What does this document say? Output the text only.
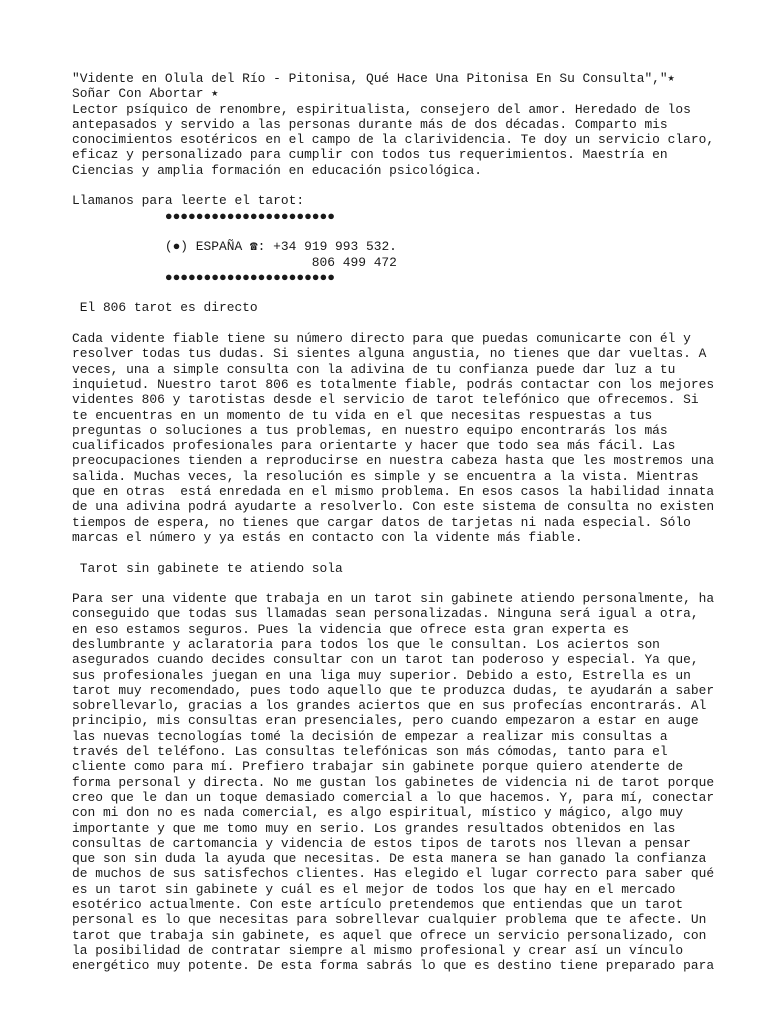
"Vidente en Olula del Río - Pitonisa, Qué Hace Una Pitonisa En Su Consulta","⭑
Soñar Con Abortar ⭑
Lector psíquico de renombre, espiritualista, consejero del amor. Heredado de los
antepasados y servido a las personas durante más de dos décadas. Comparto mis
conocimientos esotéricos en el campo de la clarividencia. Te doy un servicio claro,
eficaz y personalizado para cumplir con todos tus requerimientos. Maestría en
Ciencias y amplia formación en educación psicológica.
Llamanos para leerte el tarot:
●●●●●●●●●●●●●●●●●●●●●●
(●) ESPAÑA ☎: +34 919 993 532.
806 499 472
●●●●●●●●●●●●●●●●●●●●●●
El 806 tarot es directo
Cada vidente fiable tiene su número directo para que puedas comunicarte con él y
resolver todas tus dudas. Si sientes alguna angustia, no tienes que dar vueltas. A
veces, una a simple consulta con la adivina de tu confianza puede dar luz a tu
inquietud. Nuestro tarot 806 es totalmente fiable, podrás contactar con los mejores
videntes 806 y tarotistas desde el servicio de tarot telefónico que ofrecemos. Si
te encuentras en un momento de tu vida en el que necesitas respuestas a tus
preguntas o soluciones a tus problemas, en nuestro equipo encontrarás los más
cualificados profesionales para orientarte y hacer que todo sea más fácil. Las
preocupaciones tienden a reproducirse en nuestra cabeza hasta que les mostremos una
salida. Muchas veces, la resolución es simple y se encuentra a la vista. Mientras
que en otras  está enredada en el mismo problema. En esos casos la habilidad innata
de una adivina podrá ayudarte a resolverlo. Con este sistema de consulta no existen
tiempos de espera, no tienes que cargar datos de tarjetas ni nada especial. Sólo
marcas el número y ya estás en contacto con la vidente más fiable.
Tarot sin gabinete te atiendo sola
Para ser una vidente que trabaja en un tarot sin gabinete atiendo personalmente, ha
conseguido que todas sus llamadas sean personalizadas. Ninguna será igual a otra,
en eso estamos seguros. Pues la videncia que ofrece esta gran experta es
deslumbrante y aclaratoria para todos los que le consultan. Los aciertos son
asegurados cuando decides consultar con un tarot tan poderoso y especial. Ya que,
sus profesionales juegan en una liga muy superior. Debido a esto, Estrella es un
tarot muy recomendado, pues todo aquello que te produzca dudas, te ayudarán a saber
sobrellevarlo, gracias a los grandes aciertos que en sus profecías encontrarás. Al
principio, mis consultas eran presenciales, pero cuando empezaron a estar en auge
las nuevas tecnologías tomé la decisión de empezar a realizar mis consultas a
través del teléfono. Las consultas telefónicas son más cómodas, tanto para el
cliente como para mí. Prefiero trabajar sin gabinete porque quiero atenderte de
forma personal y directa. No me gustan los gabinetes de videncia ni de tarot porque
creo que le dan un toque demasiado comercial a lo que hacemos. Y, para mí, conectar
con mi don no es nada comercial, es algo espiritual, místico y mágico, algo muy
importante y que me tomo muy en serio. Los grandes resultados obtenidos en las
consultas de cartomancia y videncia de estos tipos de tarots nos llevan a pensar
que son sin duda la ayuda que necesitas. De esta manera se han ganado la confianza
de muchos de sus satisfechos clientes. Has elegido el lugar correcto para saber qué
es un tarot sin gabinete y cuál es el mejor de todos los que hay en el mercado
esotérico actualmente. Con este artículo pretendemos que entiendas que un tarot
personal es lo que necesitas para sobrellevar cualquier problema que te afecte. Un
tarot que trabaja sin gabinete, es aquel que ofrece un servicio personalizado, con
la posibilidad de contratar siempre al mismo profesional y crear así un vínculo
energético muy potente. De esta forma sabrás lo que es destino tiene preparado para
